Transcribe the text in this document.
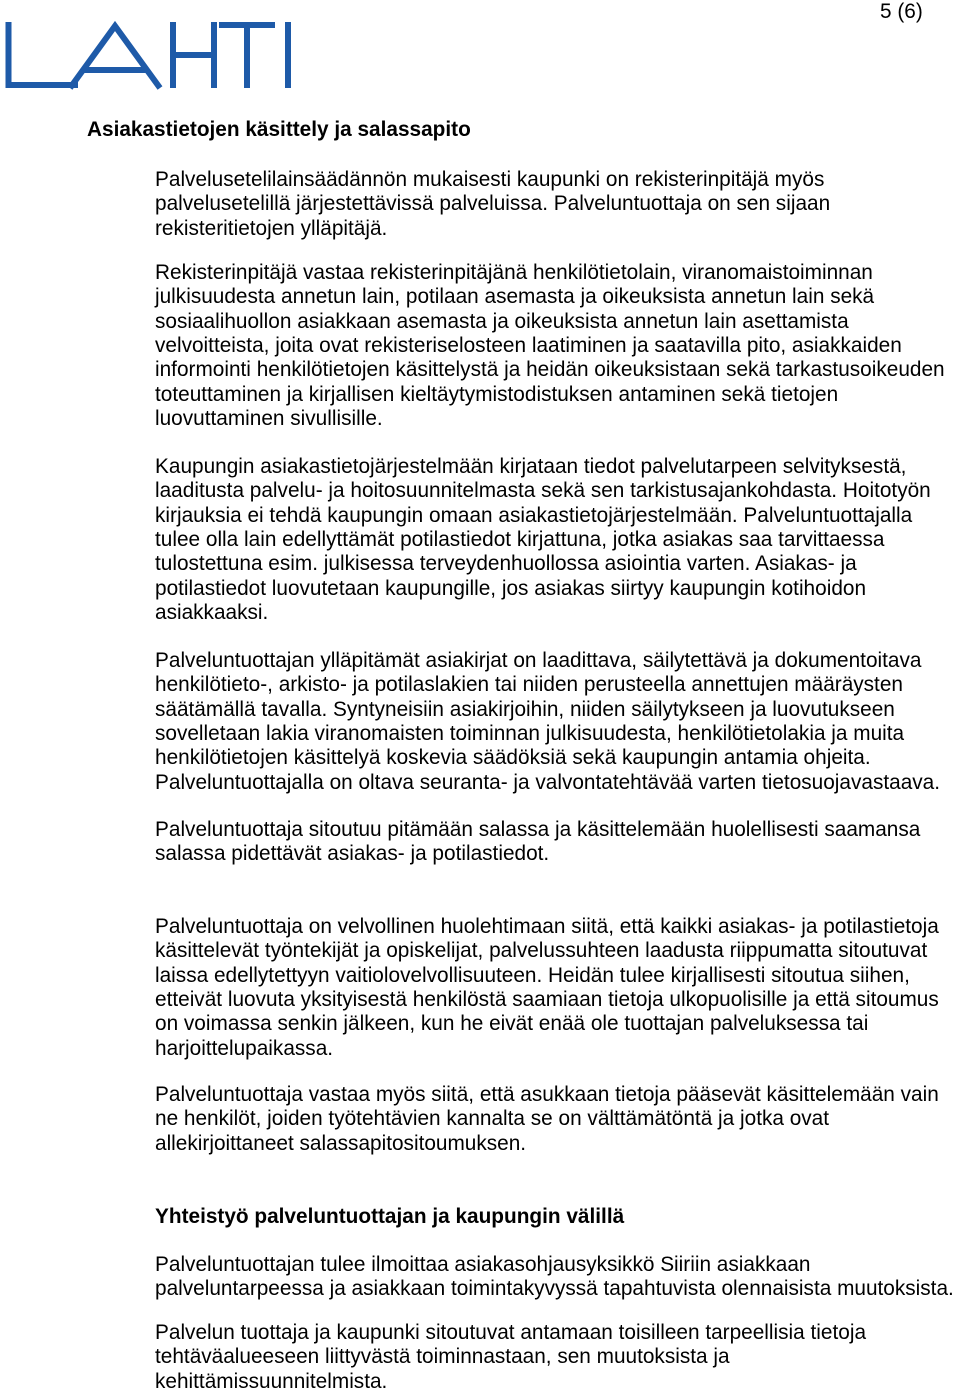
5 (6)
Asiakastietojen käsittely ja salassapito
Palvelusetelilainsäädännön mukaisesti kaupunki on rekisterinpitäjä myös
palvelusetelillä järjestettävissä palveluissa. Palveluntuottaja on sen sijaan
rekisteritietojen ylläpitäjä.
Rekisterinpitäjä vastaa rekisterinpitäjänä henkilötietolain, viranomaistoiminnan
julkisuudesta annetun lain, potilaan asemasta ja oikeuksista annetun lain sekä
sosiaalihuollon asiakkaan asemasta ja oikeuksista annetun lain asettamista
velvoitteista, joita ovat rekisteriselosteen laatiminen ja saatavilla pito, asiakkaiden
informointi henkilötietojen käsittelystä ja heidän oikeuksistaan sekä tarkastusoikeuden
toteuttaminen ja kirjallisen kieltäytymistodistuksen antaminen sekä tietojen
luovuttaminen sivullisille.
Kaupungin asiakastietojärjestelmään kirjataan tiedot palvelutarpeen selvityksestä,
laaditusta palvelu- ja hoitosuunnitelmasta sekä sen tarkistusajankohdasta. Hoitotyön
kirjauksia ei tehdä kaupungin omaan asiakastietojärjestelmään. Palveluntuottajalla
tulee olla lain edellyttämät potilastiedot kirjattuna, jotka asiakas saa tarvittaessa
tulostettuna esim. julkisessa terveydenhuollossa asiointia varten. Asiakas- ja
potilastiedot luovutetaan kaupungille, jos asiakas siirtyy kaupungin kotihoidon
asiakkaaksi.
Palveluntuottajan ylläpitämät asiakirjat on laadittava, säilytettävä ja dokumentoitava
henkilötieto-, arkisto- ja potilaslakien tai niiden perusteella annettujen määräysten
säätämällä tavalla. Syntyneisiin asiakirjoihin, niiden säilytykseen ja luovutukseen
sovelletaan lakia viranomaisten toiminnan julkisuudesta, henkilötietolakia ja muita
henkilötietojen käsittelyä koskevia säädöksiä sekä kaupungin antamia ohjeita.
Palveluntuottajalla on oltava seuranta- ja valvontatehtävää varten tietosuojavastaava.
Palveluntuottaja sitoutuu pitämään salassa ja käsittelemään huolellisesti saamansa
salassa pidettävät asiakas- ja potilastiedot.
Palveluntuottaja on velvollinen huolehtimaan siitä, että kaikki asiakas- ja potilastietoja
käsittelevät työntekijät ja opiskelijat, palvelussuhteen laadusta riippumatta sitoutuvat
laissa edellytettyyn vaitiolovelvollisuuteen. Heidän tulee kirjallisesti sitoutua siihen,
etteivät luovuta yksityisestä henkilöstä saamiaan tietoja ulkopuolisille ja että sitoumus
on voimassa senkin jälkeen, kun he eivät enää ole tuottajan palveluksessa tai
harjoittelupaikassa.
Palveluntuottaja vastaa myös siitä, että asukkaan tietoja pääsevät käsittelemään vain
ne henkilöt, joiden työtehtävien kannalta se on välttämätöntä ja jotka ovat
allekirjoittaneet salassapitositoumuksen.
Yhteistyö palveluntuottajan ja kaupungin välillä
Palveluntuottajan tulee ilmoittaa asiakasohjausyksikkö Siiriin asiakkaan
palveluntarpeessa ja asiakkaan toimintakyvyssä tapahtuvista olennaisista muutoksista.
Palvelun tuottaja ja kaupunki sitoutuvat antamaan toisilleen tarpeellisia tietoja
tehtäväalueeseen liittyvästä toiminnastaan, sen muutoksista ja
kehittämissuunnitelmista.
